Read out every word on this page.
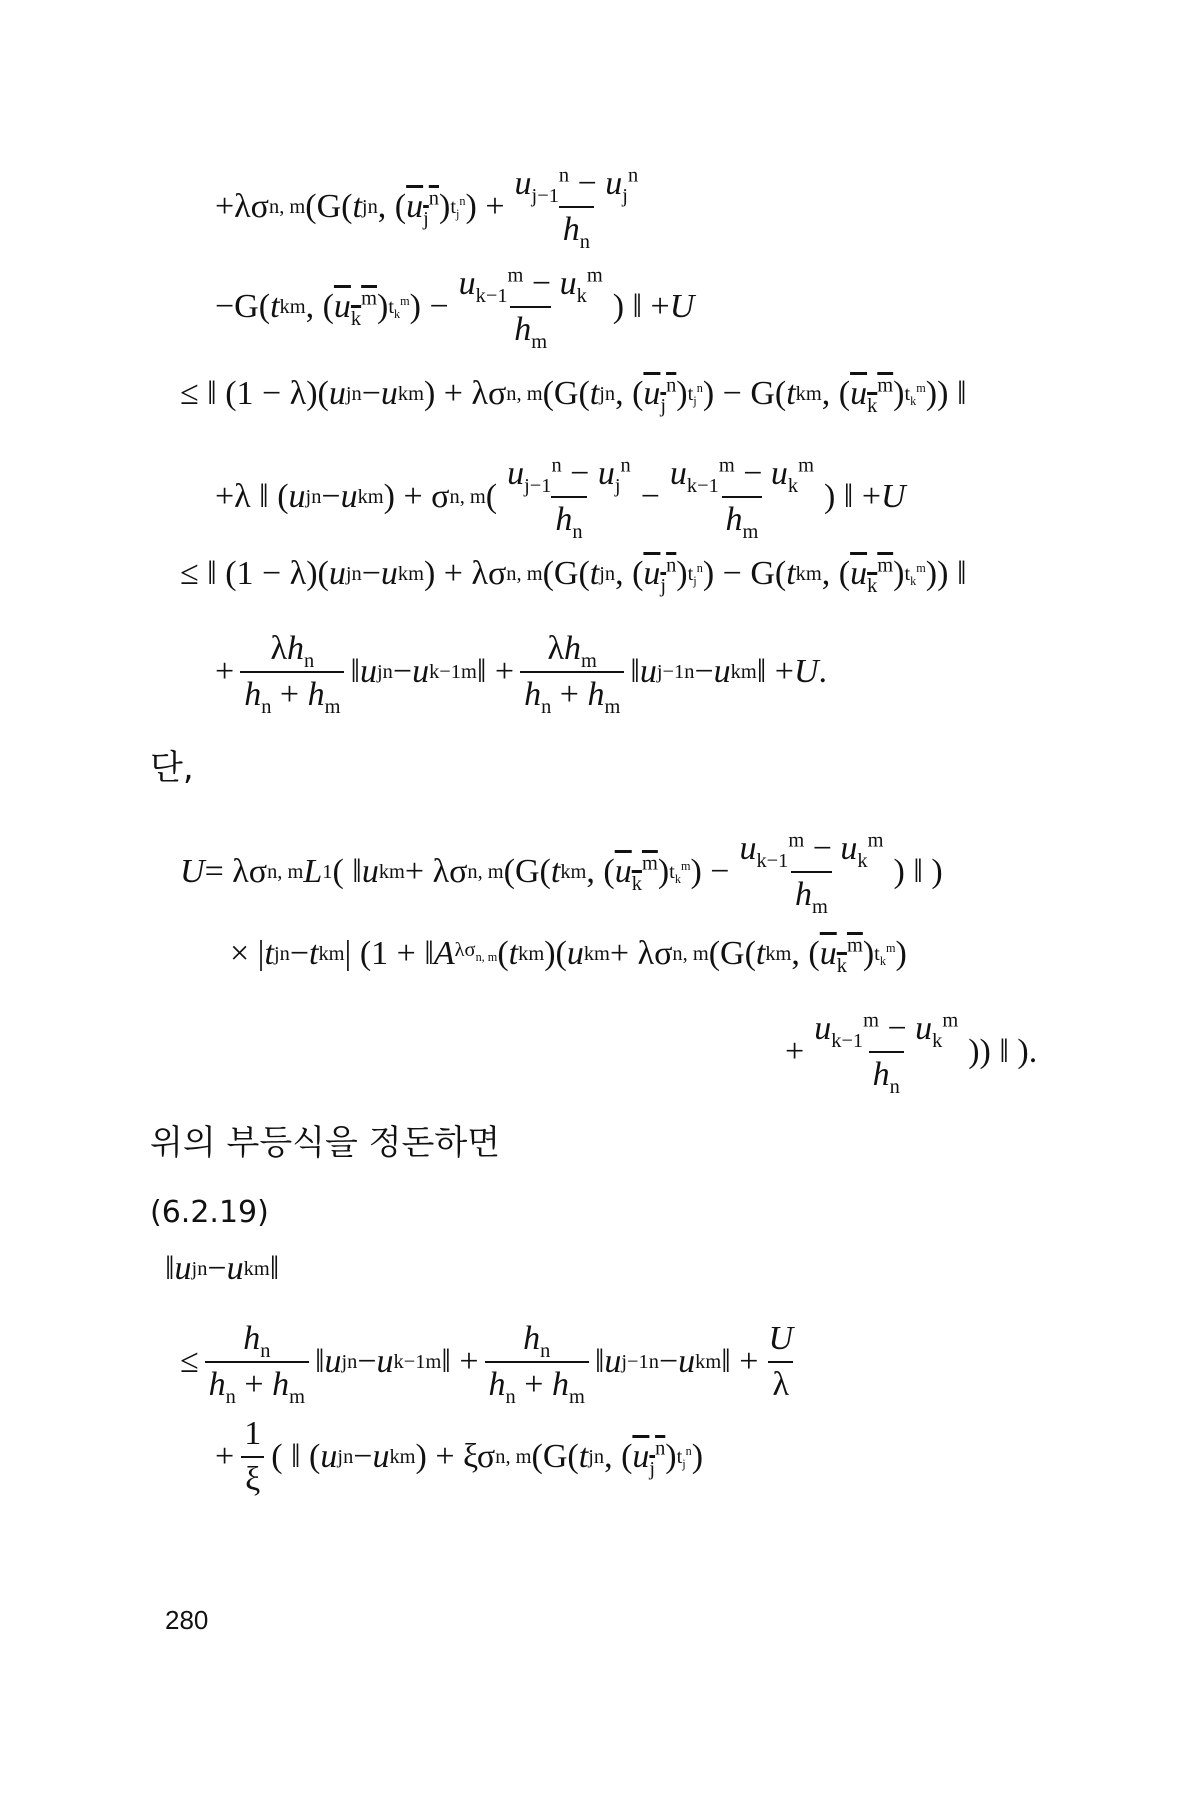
+λσ n, m (G( t j n , ( $u_j^n$ ) $t_j^n$ ) + $\frac{u_{j-1}^n - u_j^n}{h_n}$
−G( t k m , ( $u_k^m$ ) $t_k^m$ ) − $\frac{u_{k-1}^m - u_k^m}{h_m}$ ) ‖ + U
≤ ‖ (1 − λ)( u j n − u k m ) + λσ n, m (G( t j n , ( $u_j^n$ ) $t_j^n$ ) − G( t k m , ( $u_k^m$ ) $t_k^m$ )) ‖
+λ ‖ ( u j n − u k m ) + σ n, m ( $\frac{u_{j-1}^n - u_j^n}{h_n} - \frac{u_{k-1}^m - u_k^m}{h_m}$ ) ‖ + U
≤ ‖ (1 − λ)( u j n − u k m ) + λσ n, m (G( t j n , ( $u_j^n$ ) $t_j^n$ ) − G( t k m , ( $u_k^m$ ) $t_k^m$ )) ‖
+ $\frac{\lambda h_n}{h_n + h_m}$ ‖ u j n − u k−1 m ‖ + $\frac{\lambda h_m}{h_n + h_m}$ ‖ u j−1 n − u k m ‖ + U .
단,
U = λσ n, m L 1 ( ‖ u k m + λσ n, m (G( t k m , ( $u_k^m$ ) $t_k^m$ ) − $\frac{u_{k-1}^m - u_k^m}{h_m}$ ) ‖ )
× | t j n − t k m | (1 + ‖ A $\lambda\sigma_{n, m}$ ( t k m )( u k m + λσ n, m (G( t k m , ( $u_k^m$ ) $t_k^m$ )
+ $\frac{u_{k-1}^m - u_k^m}{h_n}$ )) ‖ ).
위의 부등식을 정돈하면
(6.2.19)
‖ u j n − u k m ‖
≤ $\frac{h_n}{h_n + h_m}$ ‖ u j n − u k−1 m ‖ + $\frac{h_n}{h_n + h_m}$ ‖ u j−1 n − u k m ‖ + $\frac{U}{\lambda}$
+ $\frac{1}{\xi}$ ( ‖ ( u j n − u k m ) + ξσ n, m (G( t j n , ( $u_j^n$ ) $t_j^n$ )
280
